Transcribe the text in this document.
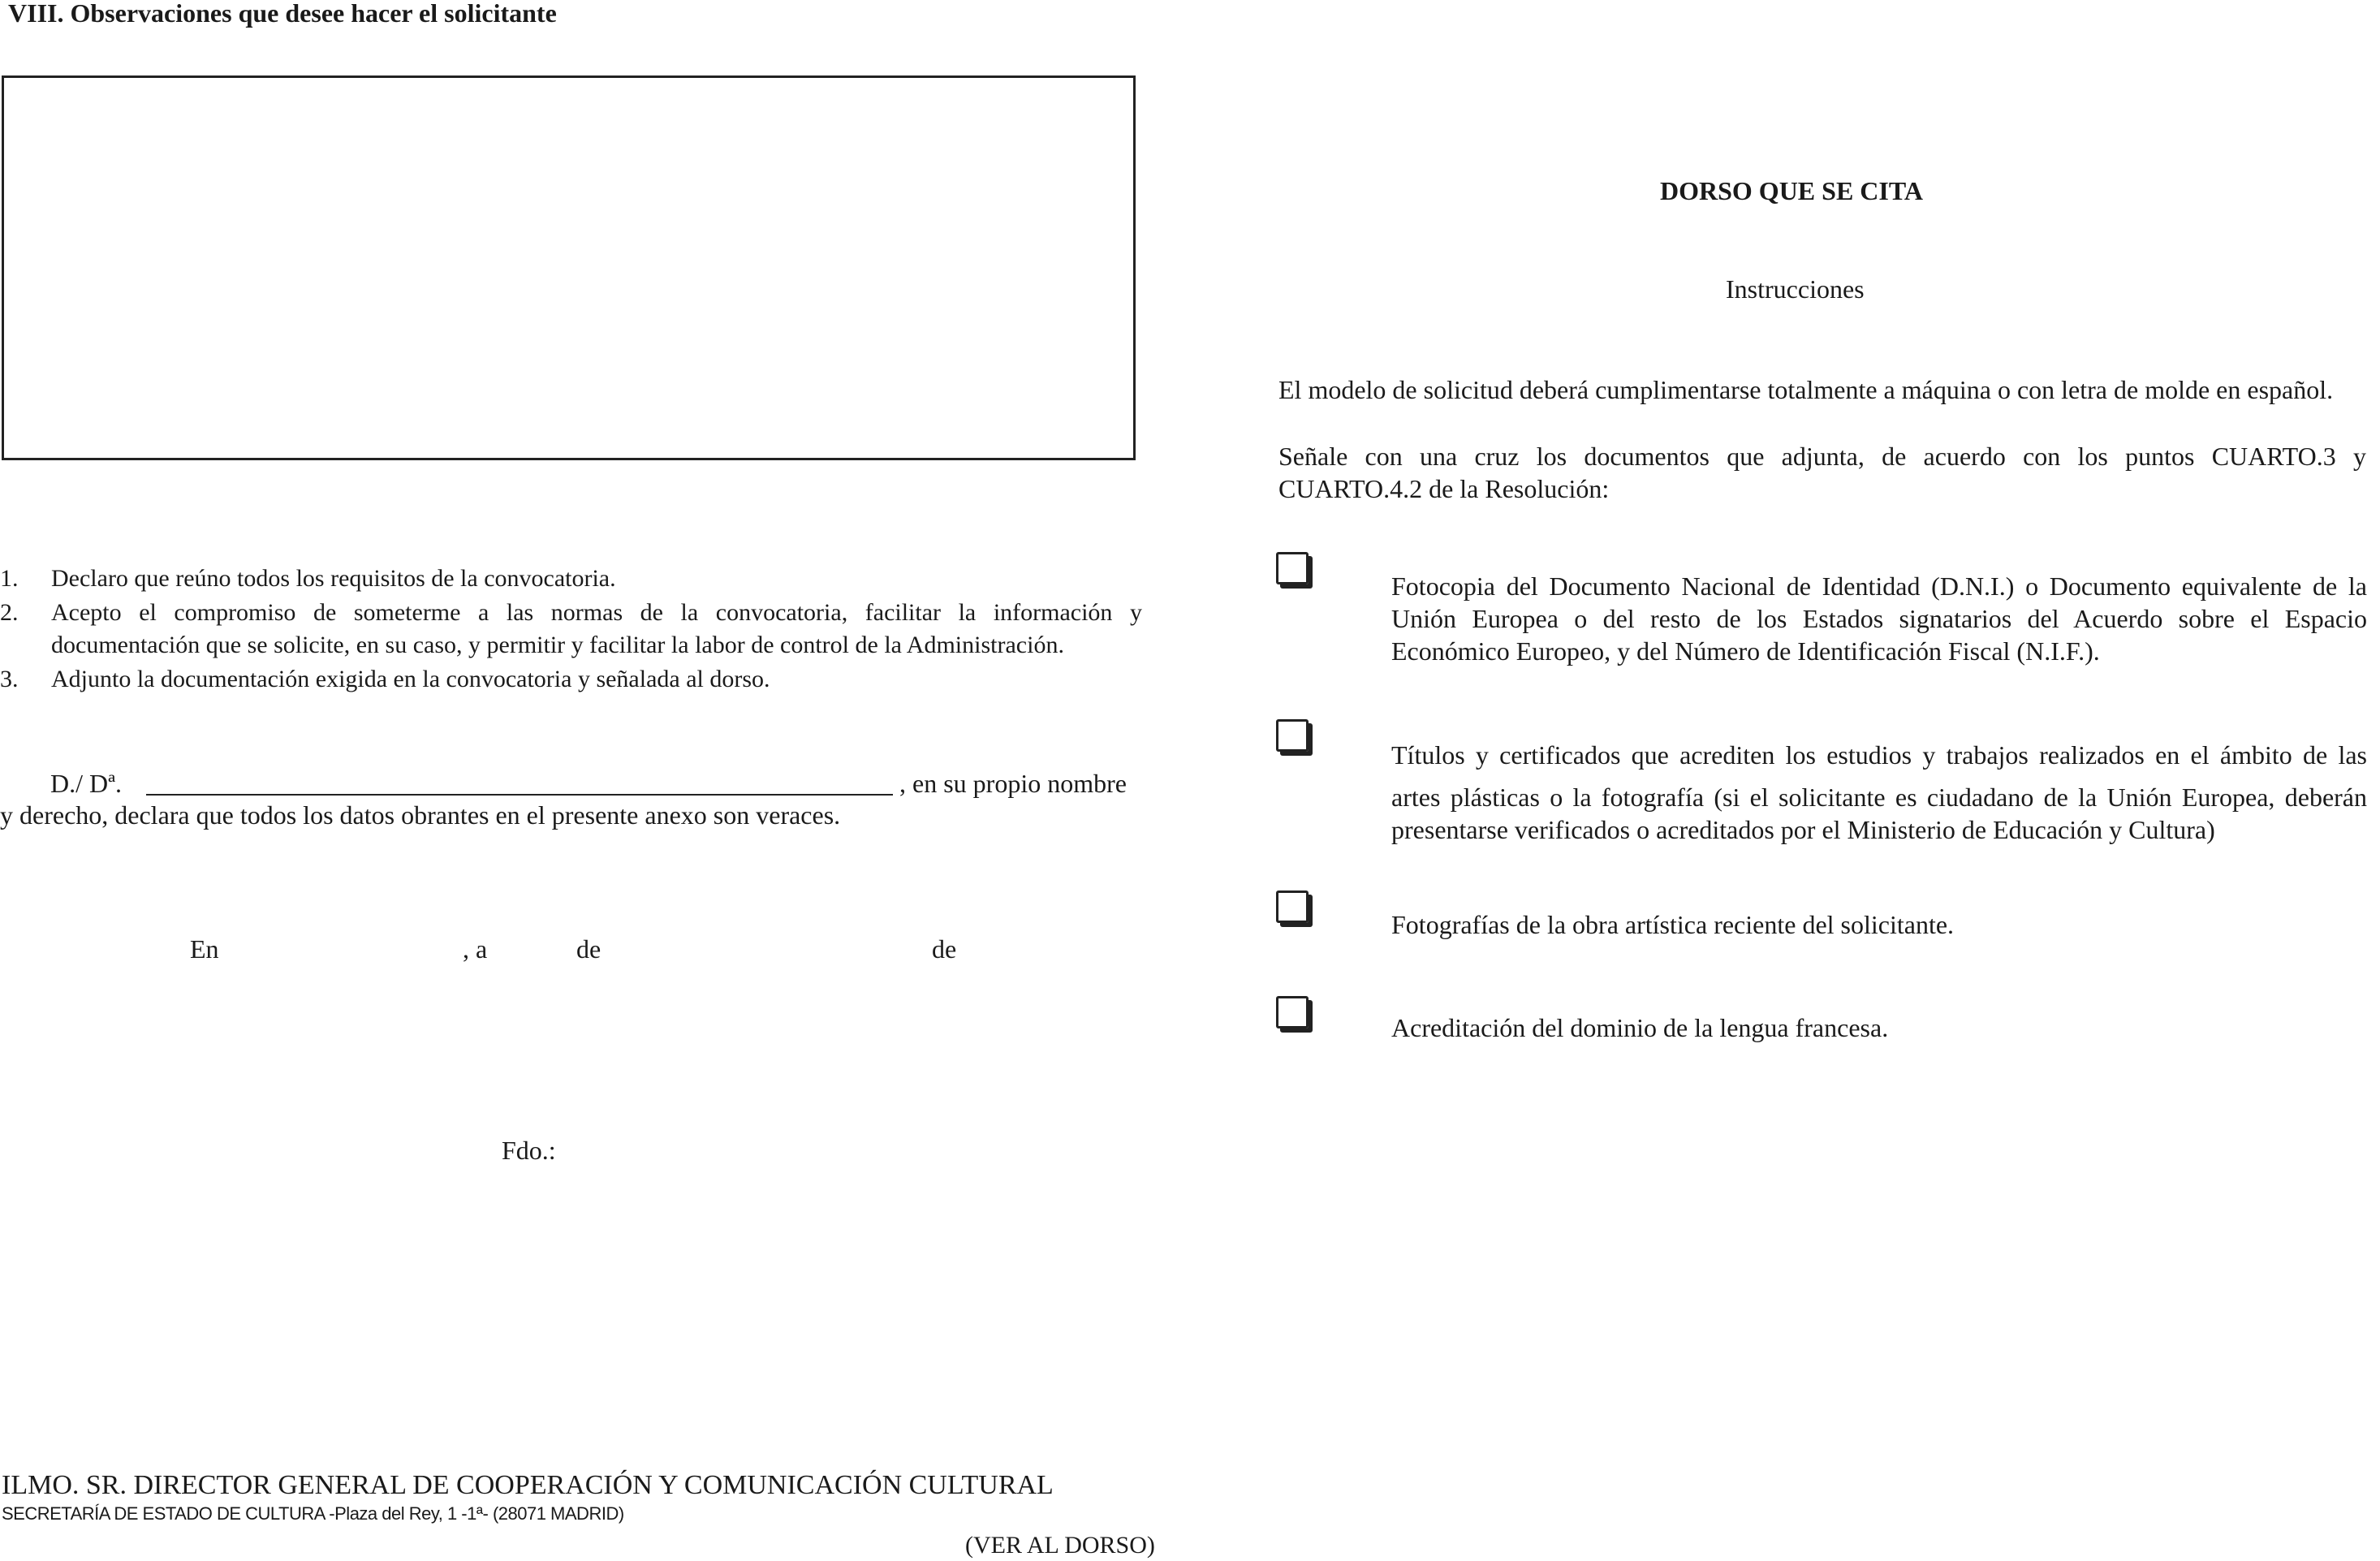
VIII. Observaciones que desee hacer el solicitante
1.	Declaro que reúno todos los requisitos de la convocatoria.
2.	Acepto el compromiso de someterme a las normas de la convocatoria, facilitar la información y
documentación que se solicite, en su caso, y permitir y facilitar la labor de control de la Administración.
3.	Adjunto la documentación exigida en la convocatoria y señalada al dorso.
D./ Dª.	, en su propio nombre
y derecho, declara que todos los datos obrantes en el presente anexo son veraces.
En	, a	de	de
Fdo.:
ILMO. SR. DIRECTOR GENERAL DE COOPERACIÓN Y COMUNICACIÓN CULTURAL
SECRETARÍA DE ESTADO DE CULTURA -Plaza del Rey, 1 -1ª- (28071 MADRID)
(VER AL DORSO)
DORSO QUE SE CITA
Instrucciones
El modelo de solicitud deberá cumplimentarse totalmente a máquina o con letra de molde en español.
Señale con una cruz los documentos que adjunta, de acuerdo con los puntos CUARTO.3 y
CUARTO.4.2 de la Resolución:
Fotocopia del Documento Nacional de Identidad (D.N.I.) o Documento equivalente de la
Unión Europea o del resto de los Estados signatarios del Acuerdo sobre el Espacio
Económico Europeo, y del Número de Identificación Fiscal (N.I.F.).
Títulos y certificados que acrediten los estudios y trabajos realizados en el ámbito de las
artes plásticas o la fotografía (si el solicitante es ciudadano de la Unión Europea, deberán
presentarse verificados o acreditados por el Ministerio de Educación y Cultura)
Fotografías de la obra artística reciente del solicitante.
Acreditación del dominio de la lengua francesa.
